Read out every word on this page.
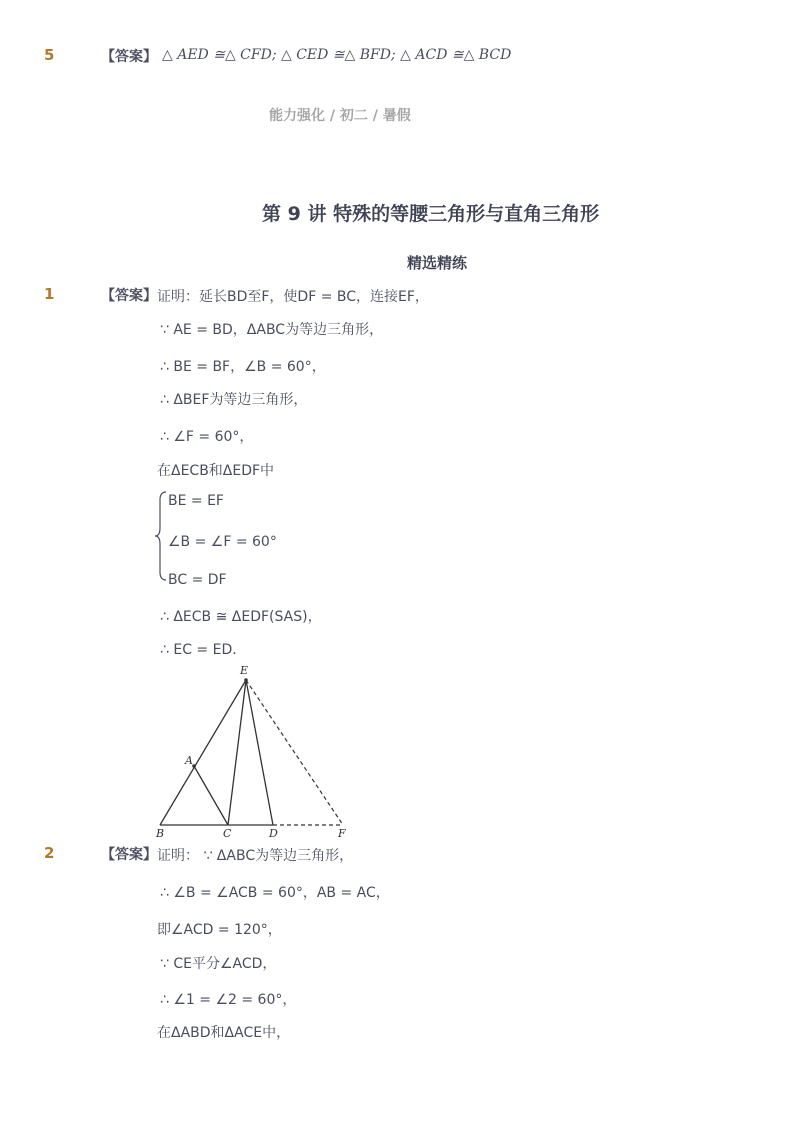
5	【答案】 △ AED ≅△ CFD; △ CED ≅△ BFD; △ ACD ≅△ BCD
能力强化 / 初二 / 暑假
第 9 讲 特殊的等腰三角形与直角三角形
精选精练
1	【答案】 证明：延长BD至F，使DF = BC，连接EF，
∵ AE = BD，ΔABC为等边三角形，
∴ BE = BF，∠B = 60°，
∴ ΔBEF为等边三角形，
∴ ∠F = 60°，
在ΔECB和ΔEDF中
BE = EF
∠B = ∠F = 60°
BC = DF
∴ ΔECB ≅ ΔEDF(SAS)，
∴ EC = ED．
E
A
B	C	D	F
2	【答案】 证明： ∵ ΔABC为等边三角形，
∴ ∠B = ∠ACB = 60°，AB = AC，
即∠ACD = 120°，
∵ CE平分∠ACD，
∴ ∠1 = ∠2 = 60°，
在ΔABD和ΔACE中，
